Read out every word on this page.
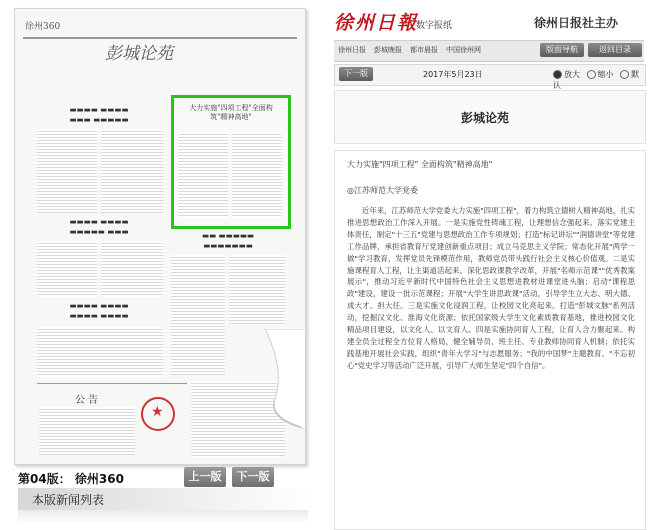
徐州360
彭城论苑
▬▬▬▬ ▬▬▬▬
▬▬▬ ▬▬▬▬▬
▬▬▬▬ ▬▬▬▬
▬▬▬▬▬ ▬▬▬
▬▬▬▬ ▬▬▬▬
▬▬▬▬ ▬▬▬▬
▬▬ ▬▬▬▬▬
▬▬▬▬▬▬▬
大力实施"四项工程"全面构筑"精神高地"
公 告
★
第04版： 徐州360	上一版	下一版
本版新闻列表
徐州日報
数字报纸	徐州日报社主办
徐州日报 彭城晚报 都市晨报 中国徐州网	版面导航	返回目录
下一版	2017年5月23日	放大 缩小 默认
彭城论苑
大力实施"四项工程" 全面构筑"精神高地"
◎江苏师范大学党委
近年来，江苏师范大学党委大力实施"四项工程"，着力构筑立德树人精神高地，扎实推进思想政治工作深入开展。一是实施党性铸魂工程，让理想信念强起来。落实党建主体责任，制定"十三五"党建与思想政治工作专项规划；打造"标记讲坛""润德讲堂"等党建工作品牌，承担省教育厅党建创新重点项目；成立马克思主义学院；常态化开展"两学一做"学习教育，发挥党员先锋模范作用，教师党员带头践行社会主义核心价值观。二是实施课程育人工程，让主渠道活起来。深化思政课教学改革，开展"名师示范课""优秀教案展示"，推动习近平新时代中国特色社会主义思想进教材进课堂进头脑；启动"课程思政"建设，建设一批示范课程；开展"大学生讲思政课"活动，引导学生立大志、明大德、成大才、担大任。三是实施文化浸润工程，让校园文化亮起来。打造"彭城文脉"系列活动，挖掘汉文化、淮海文化资源；依托国家级大学生文化素质教育基地，推进校园文化精品项目建设，以文化人、以文育人。四是实施协同育人工程，让育人合力聚起来。构建全员全过程全方位育人格局，健全辅导员、班主任、专业教师协同育人机制；依托实践基地开展社会实践，组织"青年大学习"与志愿服务；"我的中国梦"主题教育、"不忘初心"党史学习等活动广泛开展，引导广大师生坚定"四个自信"。
